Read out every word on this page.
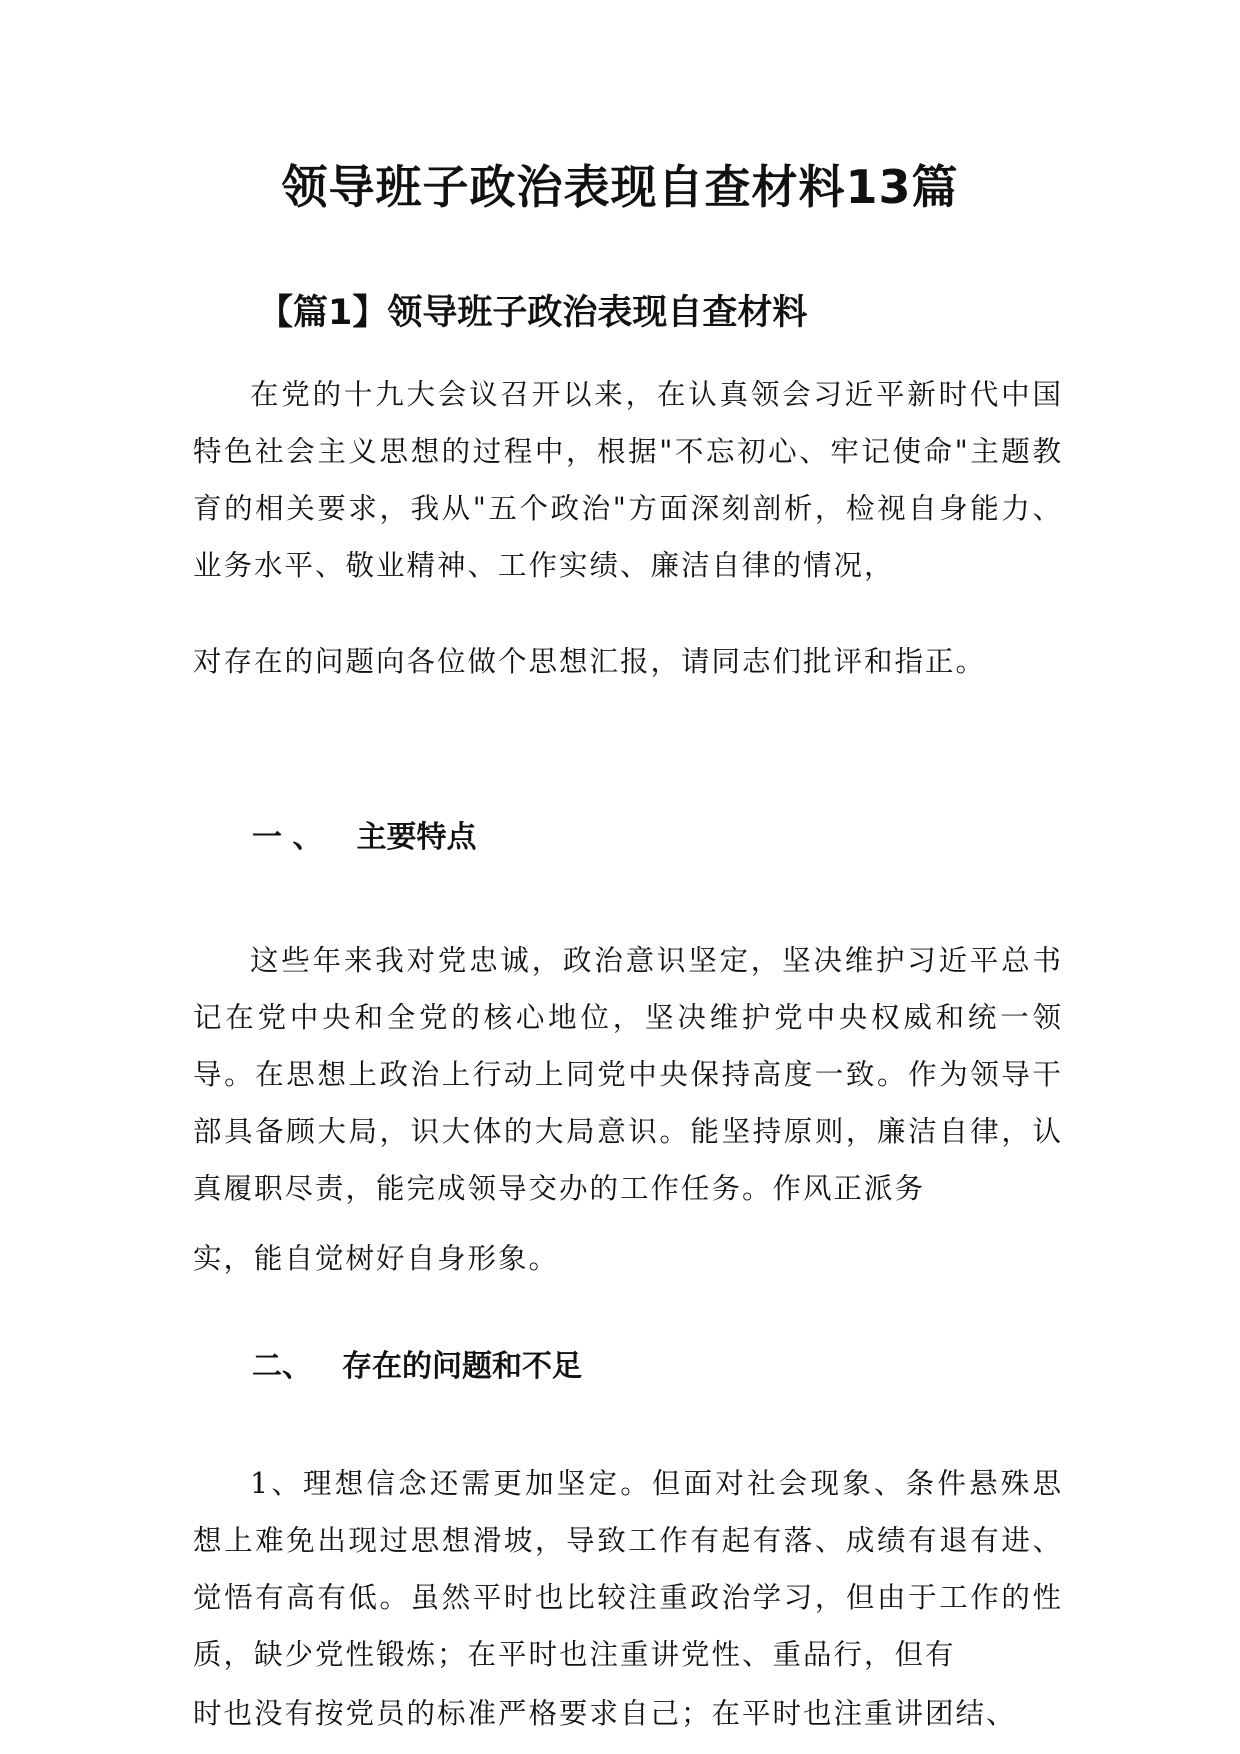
领导班子政治表现自查材料13篇
【篇1】领导班子政治表现自查材料

在党的十九大会议召开以来，在认真领会习近平新时代中国特色社会主义思想的过程中，根据"不忘初心、牢记使命"主题教育的相关要求，我从"五个政治"方面深刻剖析，检视自身能力、业务水平、敬业精神、工作实绩、廉洁自律的情况，

对存在的问题向各位做个思想汇报，请同志们批评和指正。
一 、 主要特点

这些年来我对党忠诚，政治意识坚定，坚决维护习近平总书记在党中央和全党的核心地位，坚决维护党中央权威和统一领导。在思想上政治上行动上同党中央保持高度一致。作为领导干部具备顾大局，识大体的大局意识。能坚持原则，廉洁自律，认真履职尽责，能完成领导交办的工作任务。作风正派务

实，能自觉树好自身形象。
二、 存在的问题和不足

1、理想信念还需更加坚定。但面对社会现象、条件悬殊思想上难免出现过思想滑坡，导致工作有起有落、成绩有退有进、觉悟有高有低。虽然平时也比较注重政治学习，但由于工作的性质，缺少党性锻炼；在平时也注重讲党性、重品行，但有

时也没有按党员的标准严格要求自己；在平时也注重讲团结、
